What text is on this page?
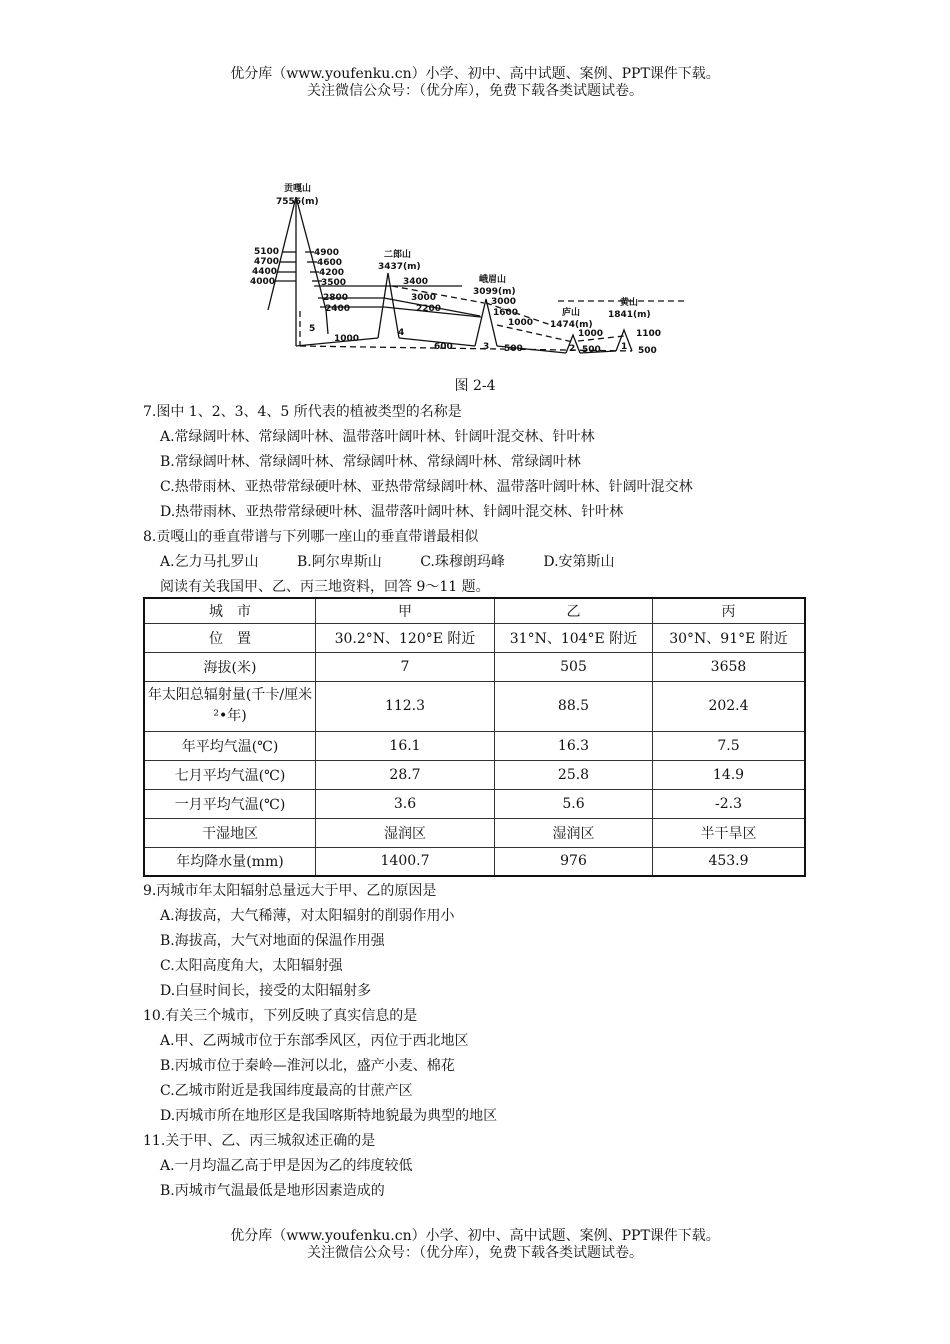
优分库（www.youfenku.cn）小学、初中、高中试题、案例、PPT课件下载。
关注微信公众号：（优分库），免费下载各类试题试卷。
贡嘎山
7556(m)
二郎山
3437(m)
峨眉山
3099(m)
庐山
1474(m)
黄山
1841(m)
5100
4700
4400
4000
4900
4600
4200
3500
2800
2400
1000
3400
3000
2200
600
3000
1600
1000
500
1000
500
1100
500
5	4
3	2	1
图 2-4
7.图中 1、2、3、4、5 所代表的植被类型的名称是
A.常绿阔叶林、常绿阔叶林、温带落叶阔叶林、针阔叶混交林、针叶林
B.常绿阔叶林、常绿阔叶林、常绿阔叶林、常绿阔叶林、常绿阔叶林
C.热带雨林、亚热带常绿硬叶林、亚热带常绿阔叶林、温带落叶阔叶林、针阔叶混交林
D.热带雨林、亚热带常绿硬叶林、温带落叶阔叶林、针阔叶混交林、针叶林
8.贡嘎山的垂直带谱与下列哪一座山的垂直带谱最相似
A.乞力马扎罗山	B.阿尔卑斯山	C.珠穆朗玛峰	D.安第斯山
阅读有关我国甲、乙、丙三地资料，回答 9～11 题。
城　市	甲	乙	丙
位　置	30.2°N、120°E 附近	31°N、104°E 附近	30°N、91°E 附近
海拔(米)	7	505	3658
年太阳总辐射量(千卡/厘米²•年)	112.3	88.5	202.4
年平均气温(℃)	16.1	16.3	7.5
七月平均气温(℃)	28.7	25.8	14.9
一月平均气温(℃)	3.6	5.6	-2.3
干湿地区	湿润区	湿润区	半干旱区
年均降水量(mm)	1400.7	976	453.9
9.丙城市年太阳辐射总量远大于甲、乙的原因是
A.海拔高，大气稀薄，对太阳辐射的削弱作用小
B.海拔高，大气对地面的保温作用强
C.太阳高度角大，太阳辐射强
D.白昼时间长，接受的太阳辐射多
10.有关三个城市，下列反映了真实信息的是
A.甲、乙两城市位于东部季风区，丙位于西北地区
B.丙城市位于秦岭—淮河以北，盛产小麦、棉花
C.乙城市附近是我国纬度最高的甘蔗产区
D.丙城市所在地形区是我国喀斯特地貌最为典型的地区
11.关于甲、乙、丙三城叙述正确的是
A.一月均温乙高于甲是因为乙的纬度较低
B.丙城市气温最低是地形因素造成的
优分库（www.youfenku.cn）小学、初中、高中试题、案例、PPT课件下载。
关注微信公众号：（优分库），免费下载各类试题试卷。
